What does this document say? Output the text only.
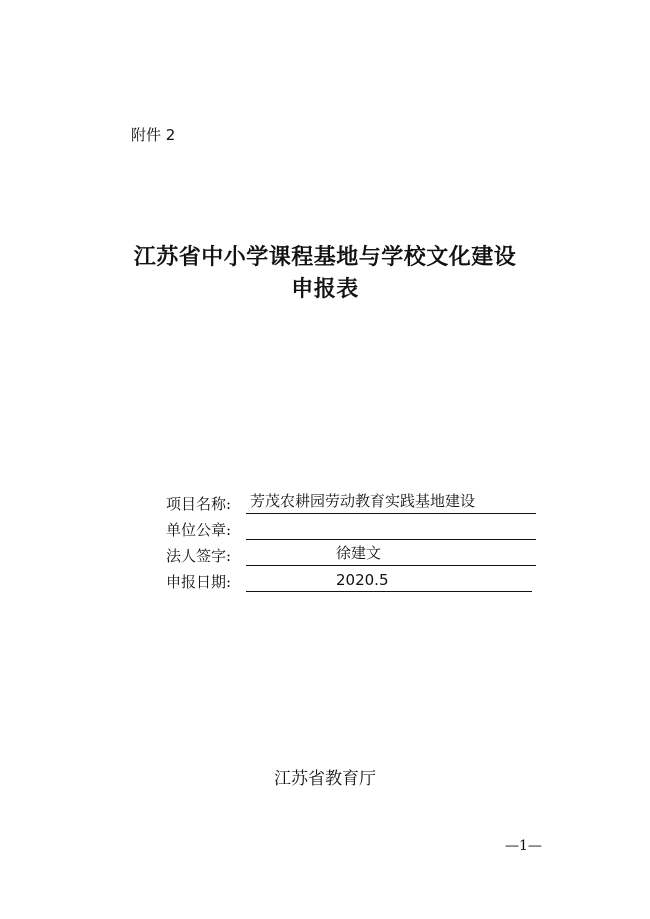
附件 2
江苏省中小学课程基地与学校文化建设
申报表
项目名称:	芳茂农耕园劳动教育实践基地建设
单位公章:
法人签字:	徐建文
申报日期:	2020.5
江苏省教育厅
—1—
